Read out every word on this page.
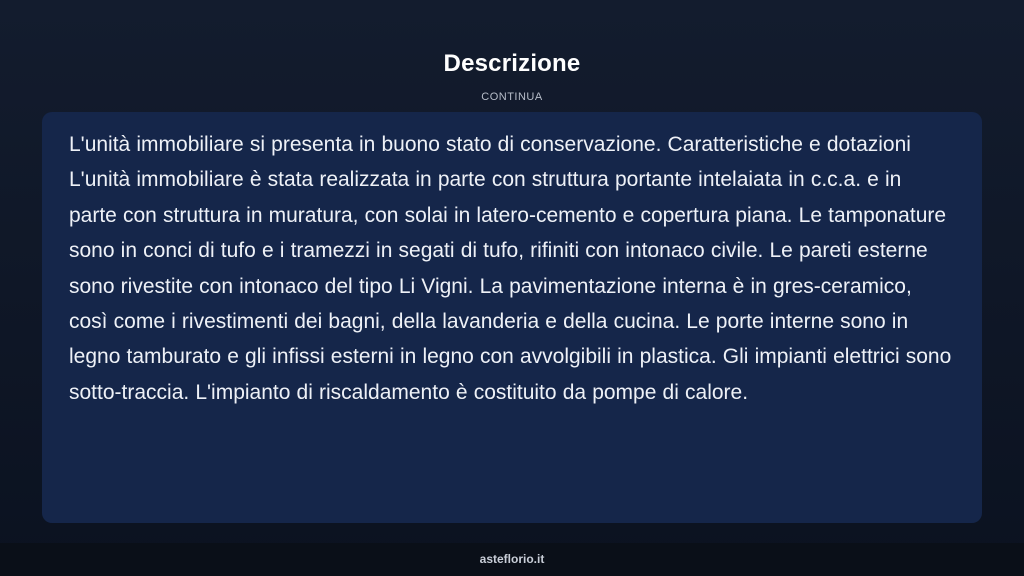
Descrizione
CONTINUA

L'unità immobiliare si presenta in buono stato di conservazione. Caratteristiche e dotazioni L'unità immobiliare è stata realizzata in parte con struttura portante intelaiata in c.c.a. e in parte con struttura in muratura, con solai in latero-cemento e copertura piana. Le tamponature sono in conci di tufo e i tramezzi in segati di tufo, rifiniti con intonaco civile. Le pareti esterne sono rivestite con intonaco del tipo Li Vigni. La pavimentazione interna è in gres-ceramico, così come i rivestimenti dei bagni, della lavanderia e della cucina. Le porte interne sono in legno tamburato e gli infissi esterni in legno con avvolgibili in plastica. Gli impianti elettrici sono sotto-traccia. L'impianto di riscaldamento è costituito da pompe di calore.

asteflorio.it
